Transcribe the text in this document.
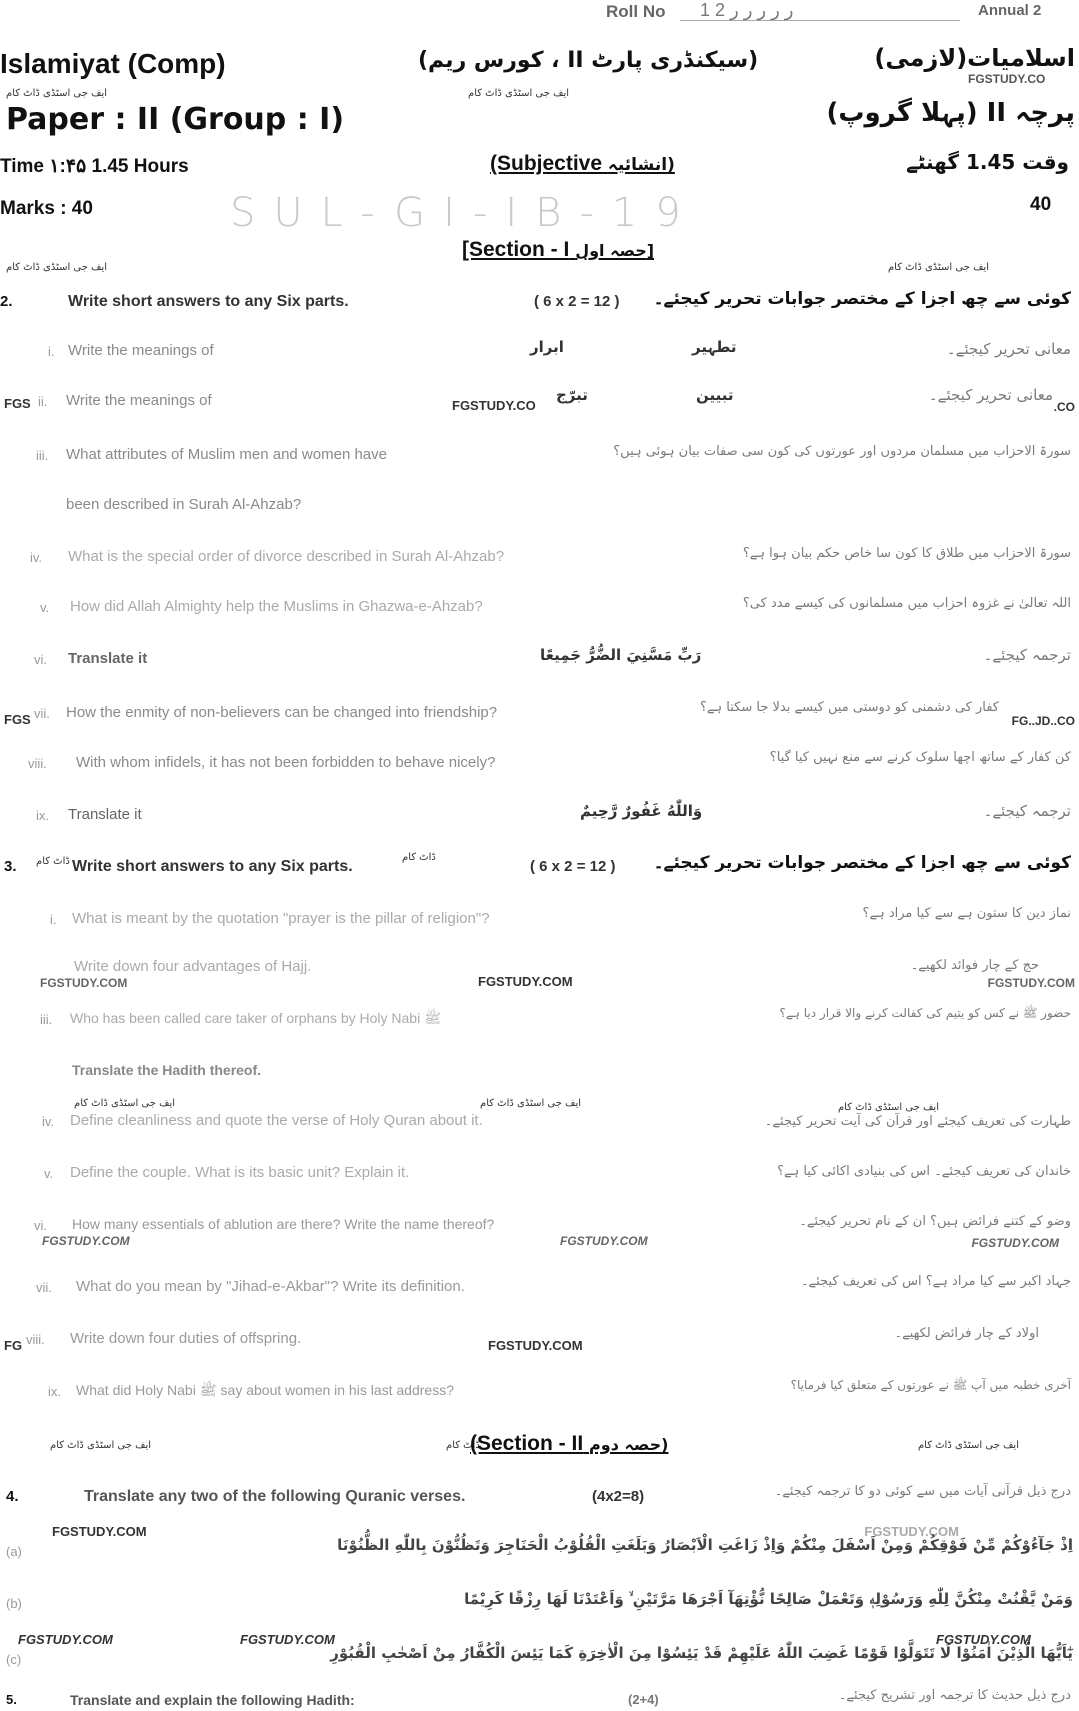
Roll No 1 2 ر ر ر ر ر	Annual 2
Islamiyat (Comp)	(سیکنڈری پارٹ II ، کورس ریم)	اسلامیات(لازمی)
ایف جی اسٹڈی ڈاٹ کام	ایف جی اسٹڈی ڈاٹ کام
FGSTUDY.CO
Paper : II (Group : I)	پرچہ II (پہلا گروپ)
Time ۱:۴۵ 1.45 Hours	(Subjective انشائیہ)	وقت 1.45 گھنٹے
Marks : 40	SUL-GI-IB-19	40
[Section - I حصہ اول]
ایف جی اسٹڈی ڈاٹ کام	ایف جی اسٹڈی ڈاٹ کام
2.	Write short answers to any Six parts.	( 6 x 2 = 12 ) کوئی سے چھ اجزا کے مختصر جوابات تحریر کیجئے۔
i. Write the meanings of	ابرار	تطہیر	معانی تحریر کیجئے۔
FGS ii. Write the meanings of	FGSTUDY.CO
تبرّج	تبیین	معانی تحریر کیجئے۔
.CO
iii. What attributes of Muslim men and women have	سورۃ الاحزاب میں مسلمان مردوں اور عورتوں کی کون سی صفات بیان ہوئی ہیں؟
been described in Surah Al-Ahzab?
iv. What is the special order of divorce described in Surah Al-Ahzab?	سورۃ الاحزاب میں طلاق کا کون سا خاص حکم بیان ہوا ہے؟
v. How did Allah Almighty help the Muslims in Ghazwa-e-Ahzab?	اللہ تعالیٰ نے غزوہ احزاب میں مسلمانوں کی کیسے مدد کی؟
vi. Translate it	رَبِّ مَسَّنِيَ الضُّرُّ جَمِيعًا	ترجمہ کیجئے۔
FGS vii. How the enmity of non-believers can be changed into friendship?	کفار کی دشمنی کو دوستی میں کیسے بدلا جا سکتا ہے؟
FG..JD..CO
viii. With whom infidels, it has not been forbidden to behave nicely?	کن کفار کے ساتھ اچھا سلوک کرنے سے منع نہیں کیا گیا؟
ix. Translate it	وَاللّٰهُ غَفُورٌ رَّحِيمٌ	ترجمہ کیجئے۔
3. ڈاٹ کام Write short answers to any Six parts.
ڈاٹ کام
( 6 x 2 = 12 ) کوئی سے چھ اجزا کے مختصر جوابات تحریر کیجئے۔
i. What is meant by the quotation "prayer is the pillar of religion"?	نماز دین کا ستون ہے سے کیا مراد ہے؟
Write down four advantages of Hajj.
FGSTUDY.COM	FGSTUDY.COM
حج کے چار فوائد لکھیے۔
FGSTUDY.COM
iii. Who has been called care taker of orphans by Holy Nabi ﷺ	حضور ﷺ نے کس کو یتیم کی کفالت کرنے والا قرار دیا ہے؟
Translate the Hadith thereof.
ایف جی اسٹڈی ڈاٹ کام	ایف جی اسٹڈی ڈاٹ کام	ایف جی اسٹڈی ڈاٹ کام
iv. Define cleanliness and quote the verse of Holy Quran about it.	طہارت کی تعریف کیجئے اور قرآن کی آیت تحریر کیجئے۔
v. Define the couple. What is its basic unit? Explain it.	خاندان کی تعریف کیجئے۔ اس کی بنیادی اکائی کیا ہے؟
vi. How many essentials of ablution are there? Write the name thereof?	وضو کے کتنے فرائض ہیں؟ ان کے نام تحریر کیجئے۔
FGSTUDY.COM	FGSTUDY.COM	FGSTUDY.COM
vii. What do you mean by "Jihad-e-Akbar"? Write its definition.	جہاد اکبر سے کیا مراد ہے؟ اس کی تعریف کیجئے۔
FG viii. Write down four duties of offspring.	FGSTUDY.COM
اولاد کے چار فرائض لکھیے۔
ix. What did Holy Nabi ﷺ say about women in his last address?	آخری خطبہ میں آپ ﷺ نے عورتوں کے متعلق کیا فرمایا؟
ایف جی اسٹڈی ڈاٹ کام	ڈاٹ کام
(Section - II حصہ دوم)	ایف جی اسٹڈی ڈاٹ کام
4.	Translate any two of the following Quranic verses.	(4x2=8)	درج ذیل قرآنی آیات میں سے کوئی دو کا ترجمہ کیجئے۔
FGSTUDY.COM	FGSTUDY.COM
(a)	اِذْ جَآءُوْكُمْ مِّنْ فَوْقِكُمْ وَمِنْ اَسْفَلَ مِنْكُمْ وَاِذْ زَاغَتِ الْاَبْصَارُ وَبَلَغَتِ الْقُلُوْبُ الْحَنَاجِرَ وَتَظُنُّوْنَ بِاللّٰهِ الظُّنُوْنَا
(b)	وَمَنْ يَّقْنُتْ مِنْكُنَّ لِلّٰهِ وَرَسُوْلِهٖ وَتَعْمَلْ صَالِحًا نُّؤْتِهَآ اَجْرَهَا مَرَّتَيْنِ ۙ وَاَعْتَدْنَا لَهَا رِزْقًا كَرِيْمًا
FGSTUDY.COM	FGSTUDY.COM	FGSTUDY.COM
(c)	يٰٓاَيُّهَا الَّذِيْنَ اٰمَنُوْا لَا تَتَوَلَّوْا قَوْمًا غَضِبَ اللّٰهُ عَلَيْهِمْ قَدْ يَئِسُوْا مِنَ الْاٰخِرَةِ كَمَا يَئِسَ الْكُفَّارُ مِنْ اَصْحٰبِ الْقُبُوْرِ
5.	Translate and explain the following Hadith:	(2+4)	درج ذیل حدیث کا ترجمہ اور تشریح کیجئے۔
